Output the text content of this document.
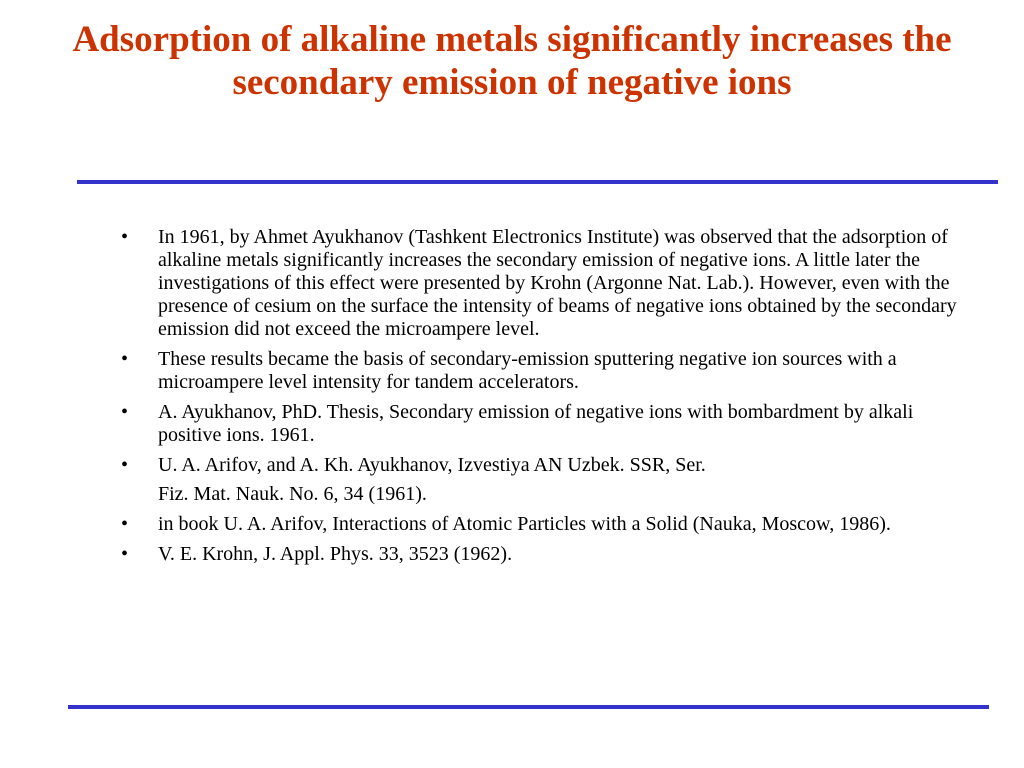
Adsorption of alkaline metals significantly increases the secondary emission of negative ions
• In 1961, by Ahmet Ayukhanov (Tashkent Electronics Institute) was observed that the adsorption of alkaline metals significantly increases the secondary emission of negative ions. A little later the investigations of this effect were presented by Krohn (Argonne Nat. Lab.). However, even with the presence of cesium on the surface the intensity of beams of negative ions obtained by the secondary emission did not exceed the microampere level.
• These results became the basis of secondary-emission sputtering negative ion sources with a microampere level intensity for tandem accelerators.
• A. Ayukhanov, PhD. Thesis, Secondary emission of negative ions with bombardment by alkali positive ions. 1961.
• U. A. Arifov, and A. Kh. Ayukhanov, Izvestiya AN Uzbek. SSR, Ser.
Fiz. Mat. Nauk. No. 6, 34 (1961).
• in book U. A. Arifov, Interactions of Atomic Particles with a Solid (Nauka, Moscow, 1986).
• V. E. Krohn, J. Appl. Phys. 33, 3523 (1962).
